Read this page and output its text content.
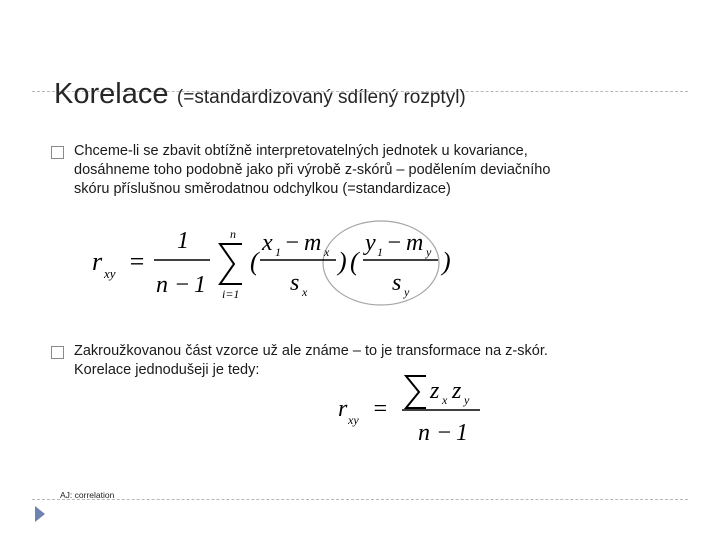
Korelace (=standardizovaný sdílený rozptyl)
Chceme-li se zbavit obtížně interpretovatelných jednotek u kovariance,
dosáhneme toho podobně jako při výrobě z-skórů – podělením deviačního
skóru příslušnou směrodatnou odchylkou (=standardizace)
r xy =
1
n − 1
n
i=1
(
x 1 − m x
s x
) (
y 1 − m y
s y
)
Zakroužkovanou část vzorce už ale známe – to je transformace na z-skór.
Korelace jednodušeji je tedy:
r xy =
z x z y
n − 1
AJ: correlation
